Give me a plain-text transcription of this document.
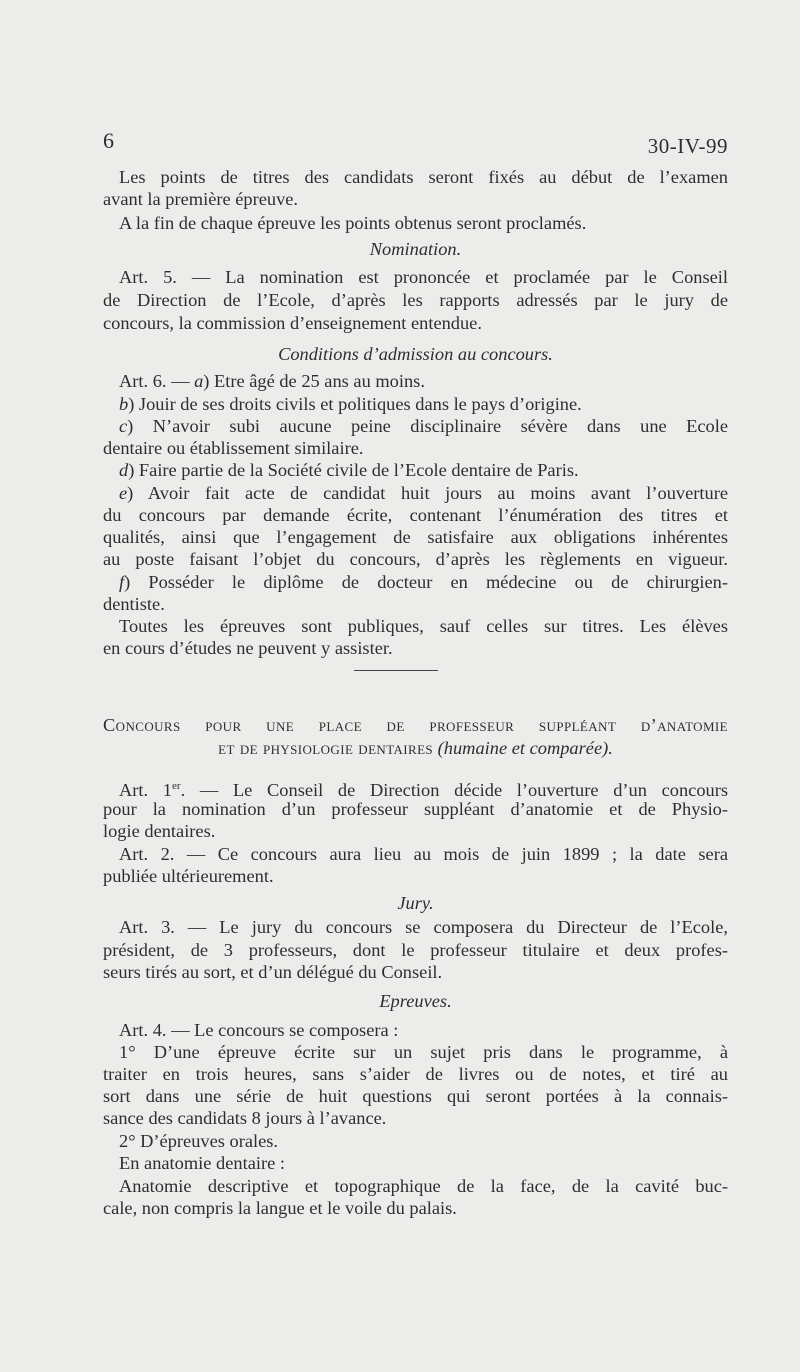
6	30-IV-99
Les points de titres des candidats seront fixés au début de l’examen
avant la première épreuve.
A la fin de chaque épreuve les points obtenus seront proclamés.
Nomination.
Art. 5. — La nomination est prononcée et proclamée par le Conseil
de Direction de l’Ecole, d’après les rapports adressés par le jury de
concours, la commission d’enseignement entendue.
Conditions d’admission au concours.
Art. 6. — a) Etre âgé de 25 ans au moins.
b) Jouir de ses droits civils et politiques dans le pays d’origine.
c) N’avoir subi aucune peine disciplinaire sévère dans une Ecole
dentaire ou établissement similaire.
d) Faire partie de la Société civile de l’Ecole dentaire de Paris.
e) Avoir fait acte de candidat huit jours au moins avant l’ouverture
du concours par demande écrite, contenant l’énumération des titres et
qualités, ainsi que l’engagement de satisfaire aux obligations inhérentes
au poste faisant l’objet du concours, d’après les règlements en vigueur.
f) Posséder le diplôme de docteur en médecine ou de chirurgien-
dentiste.
Toutes les épreuves sont publiques, sauf celles sur titres. Les élèves
en cours d’études ne peuvent y assister.
Concours pour une place de professeur suppléant d’anatomie
et de physiologie dentaires (humaine et comparée).
Art. 1er. — Le Conseil de Direction décide l’ouverture d’un concours
pour la nomination d’un professeur suppléant d’anatomie et de Physio-
logie dentaires.
Art. 2. — Ce concours aura lieu au mois de juin 1899 ; la date sera
publiée ultérieurement.
Jury.
Art. 3. — Le jury du concours se composera du Directeur de l’Ecole,
président, de 3 professeurs, dont le professeur titulaire et deux profes-
seurs tirés au sort, et d’un délégué du Conseil.
Epreuves.
Art. 4. — Le concours se composera :
1° D’une épreuve écrite sur un sujet pris dans le programme, à
traiter en trois heures, sans s’aider de livres ou de notes, et tiré au
sort dans une série de huit questions qui seront portées à la connais-
sance des candidats 8 jours à l’avance.
2° D’épreuves orales.
En anatomie dentaire :
Anatomie descriptive et topographique de la face, de la cavité buc-
cale, non compris la langue et le voile du palais.
